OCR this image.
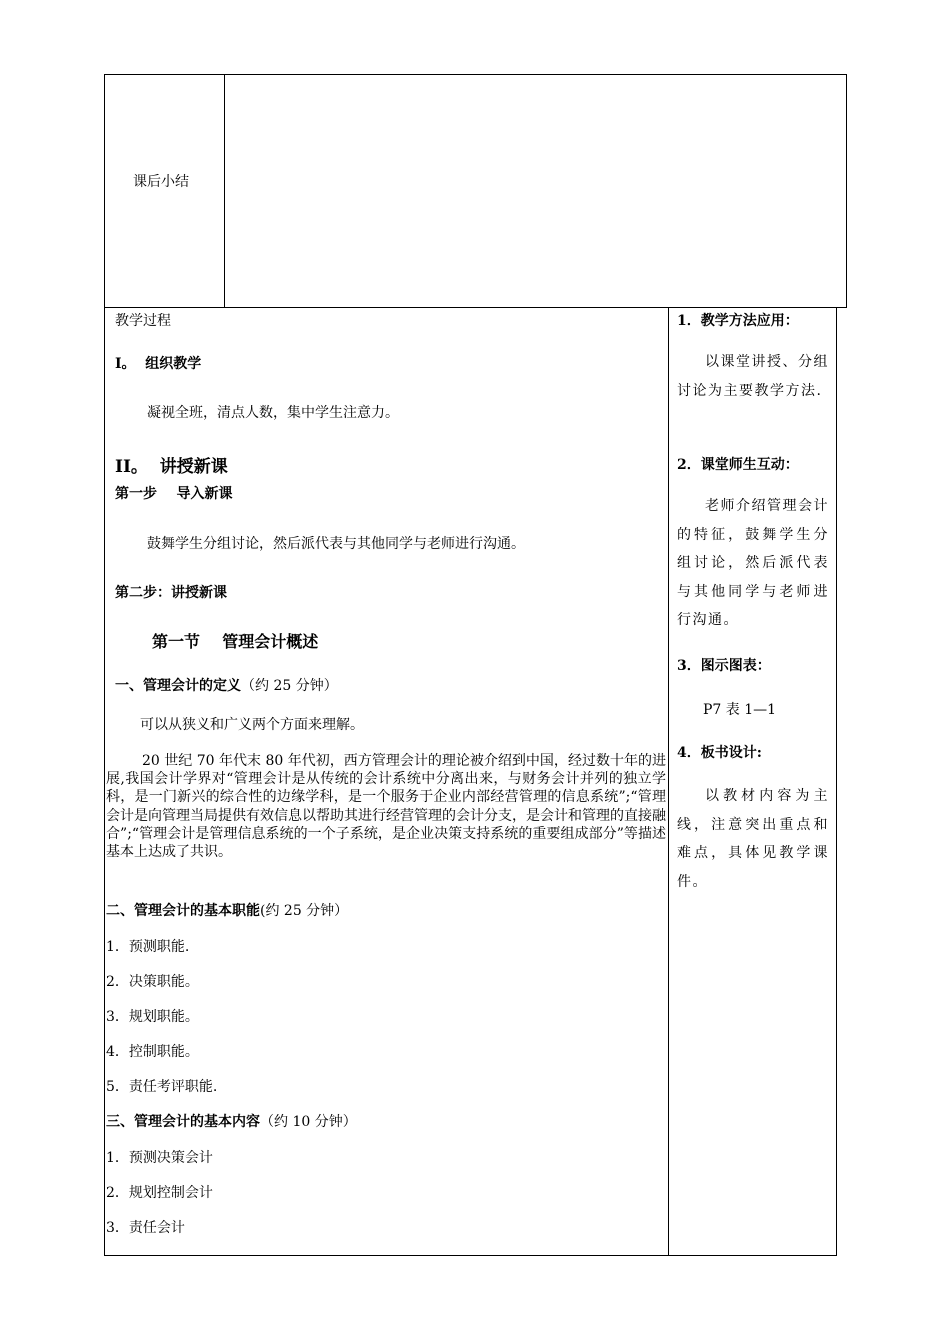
课后小结
教学过程
I。  组织教学
凝视全班，清点人数，集中学生注意力。
II。  讲授新课
第一步    导入新课
鼓舞学生分组讨论，然后派代表与其他同学与老师进行沟通。
第二步：讲授新课
第一节    管理会计概述
一、管理会计的定义（约 25 分钟）
可以从狭义和广义两个方面来理解。
20 世纪 70 年代末 80 年代初，西方管理会计的理论被介绍到中国，经过数十年的进展,我国会计学界对“管理会计是从传统的会计系统中分离出来，与财务会计并列的独立学科，是一门新兴的综合性的边缘学科，是一个服务于企业内部经营管理的信息系统”;“管理会计是向管理当局提供有效信息以帮助其进行经营管理的会计分支，是会计和管理的直接融合”;“管理会计是管理信息系统的一个子系统，是企业决策支持系统的重要组成部分”等描述基本上达成了共识。
二、管理会计的基本职能(约 25 分钟）
1．预测职能.
2．决策职能。
3．规划职能。
4．控制职能。
5．责任考评职能.
三、管理会计的基本内容（约 10 分钟）
1．预测决策会计
2．规划控制会计
3．责任会计
1．教学方法应用：
以课堂讲授、分组讨论为主要教学方法.
2．课堂师生互动：
老师介绍管理会计的特征，鼓舞学生分组讨论，然后派代表与其他同学与老师进行沟通。
3．图示图表：
P7 表 1—1
4．板书设计:
以教材内容为主线，注意突出重点和难点，具体见教学课件。
